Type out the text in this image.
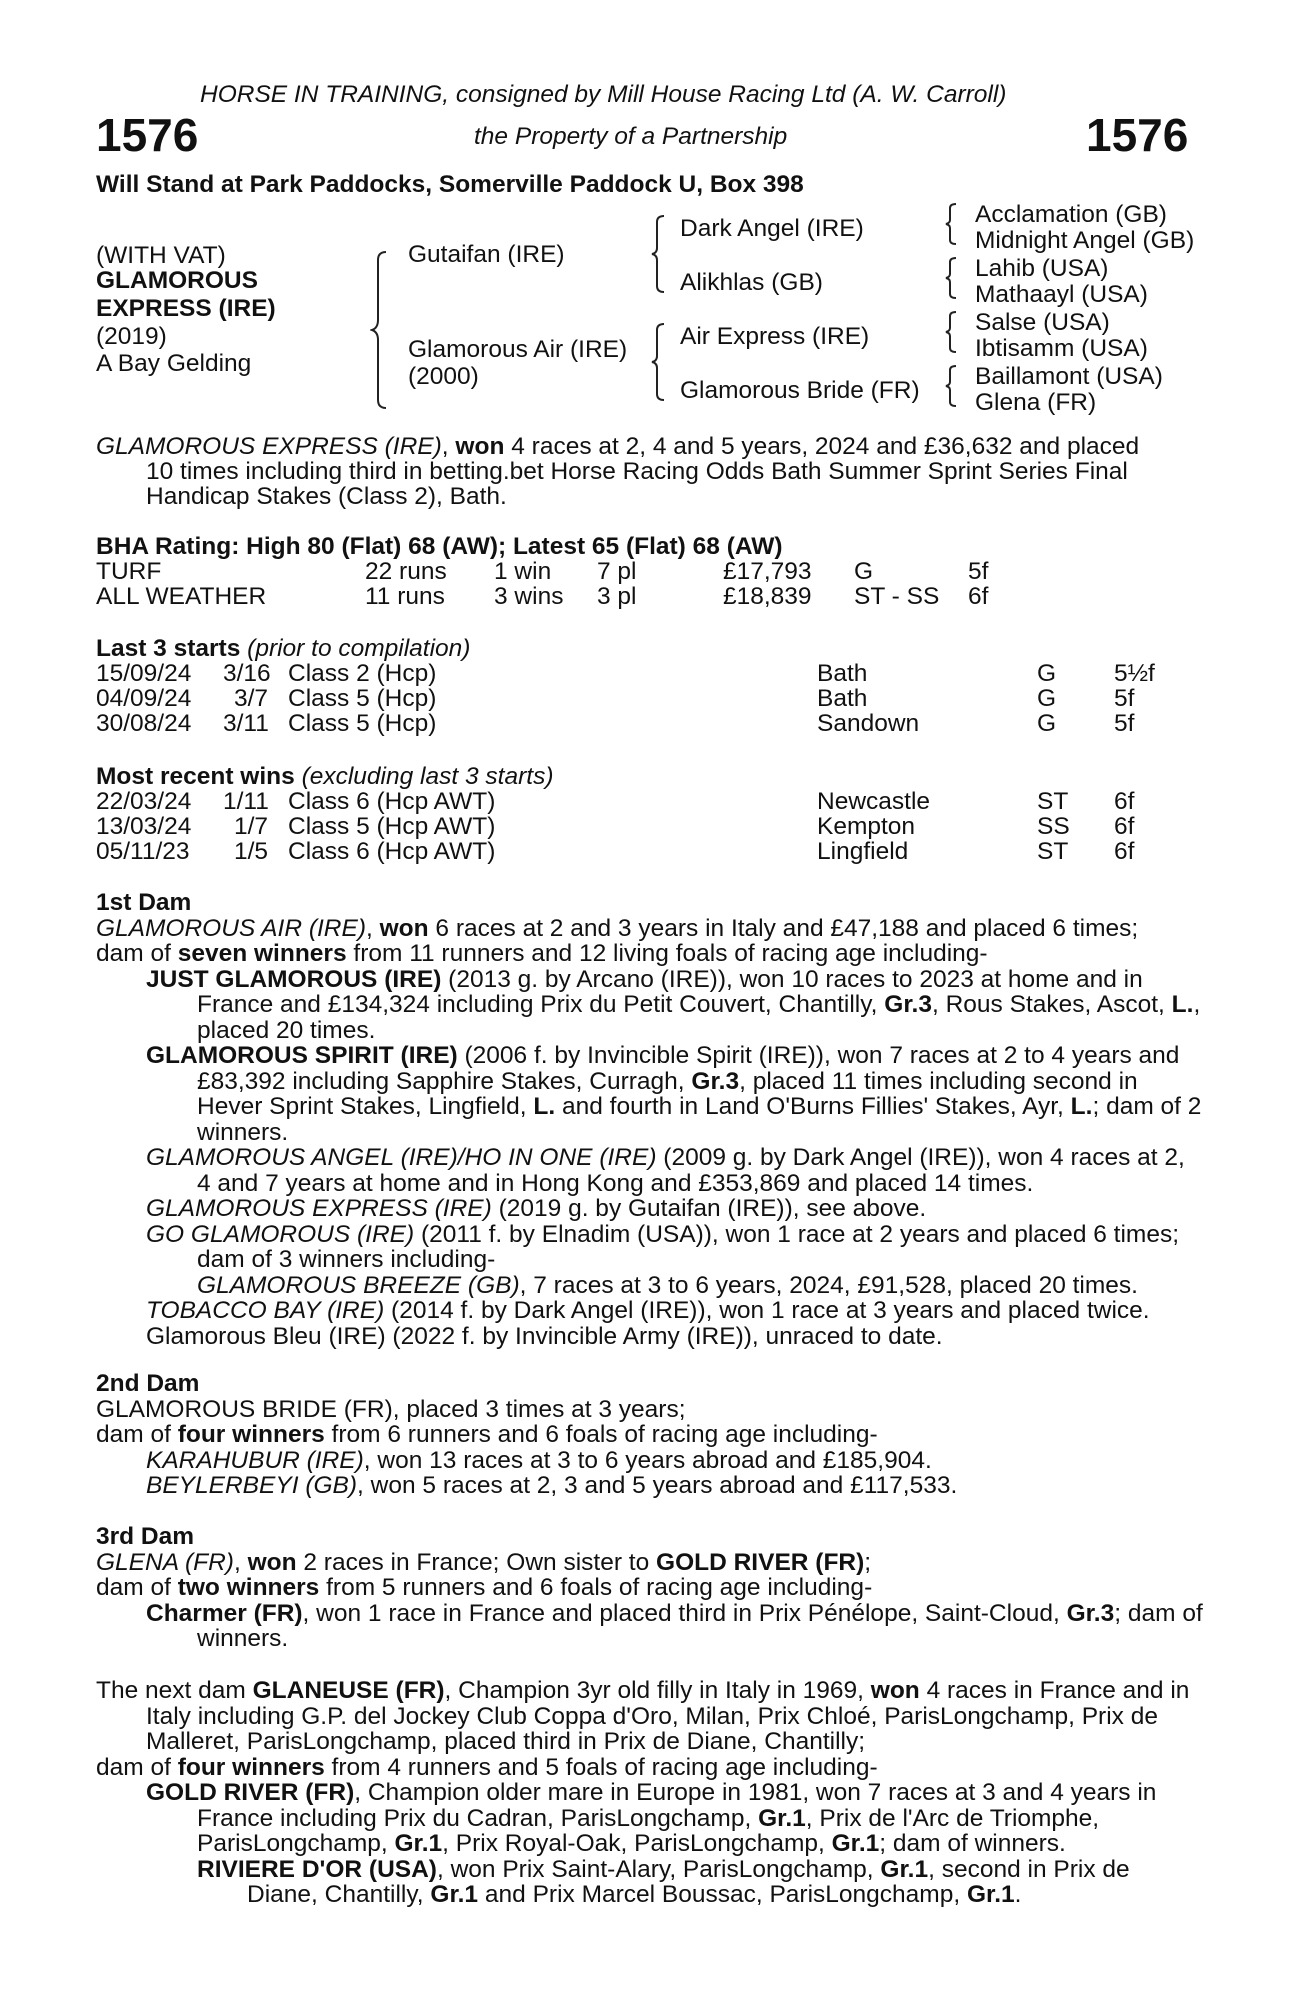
HORSE IN TRAINING, consigned by Mill House Racing Ltd (A. W. Carroll)
1576	the Property of a Partnership	1576
Will Stand at Park Paddocks, Somerville Paddock U, Box 398
(WITH VAT)
GLAMOROUS
EXPRESS (IRE)
(2019)
A Bay Gelding
Gutaifan (IRE)
Glamorous Air (IRE)
(2000)
Dark Angel (IRE)
Alikhlas (GB)
Air Express (IRE)
Glamorous Bride (FR)
Acclamation (GB)
Midnight Angel (GB)
Lahib (USA)
Mathaayl (USA)
Salse (USA)
Ibtisamm (USA)
Baillamont (USA)
Glena (FR)
GLAMOROUS EXPRESS (IRE), won 4 races at 2, 4 and 5 years, 2024 and £36,632 and placed
10 times including third in betting.bet Horse Racing Odds Bath Summer Sprint Series Final
Handicap Stakes (Class 2), Bath.
BHA Rating: High 80 (Flat) 68 (AW); Latest 65 (Flat) 68 (AW)
TURF	22 runs 1 win 7 pl	£17,793 G	5f
ALL WEATHER	11 runs 3 wins 3 pl	£18,839 ST - SS 6f
Last 3 starts (prior to compilation)
15/09/24 3/16 Class 2 (Hcp)	Bath	G 5½f
04/09/24 3/7 Class 5 (Hcp)	Bath	G 5f
30/08/24 3/11 Class 5 (Hcp)	Sandown	G 5f
Most recent wins (excluding last 3 starts)
22/03/24 1/11 Class 6 (Hcp AWT)	Newcastle	ST 6f
13/03/24 1/7 Class 5 (Hcp AWT)	Kempton	SS 6f
05/11/23 1/5 Class 6 (Hcp AWT)	Lingfield	ST 6f
1st Dam
GLAMOROUS AIR (IRE), won 6 races at 2 and 3 years in Italy and £47,188 and placed 6 times;
dam of seven winners from 11 runners and 12 living foals of racing age including-
JUST GLAMOROUS (IRE) (2013 g. by Arcano (IRE)), won 10 races to 2023 at home and in France and £134,324 including Prix du Petit Couvert, Chantilly, Gr.3, Rous Stakes, Ascot, L., placed 20 times.
GLAMOROUS SPIRIT (IRE) (2006 f. by Invincible Spirit (IRE)), won 7 races at 2 to 4 years and £83,392 including Sapphire Stakes, Curragh, Gr.3, placed 11 times including second in Hever Sprint Stakes, Lingfield, L. and fourth in Land O'Burns Fillies' Stakes, Ayr, L.; dam of 2 winners.
GLAMOROUS ANGEL (IRE)/HO IN ONE (IRE) (2009 g. by Dark Angel (IRE)), won 4 races at 2, 4 and 7 years at home and in Hong Kong and £353,869 and placed 14 times.
GLAMOROUS EXPRESS (IRE) (2019 g. by Gutaifan (IRE)), see above.
GO GLAMOROUS (IRE) (2011 f. by Elnadim (USA)), won 1 race at 2 years and placed 6 times; dam of 3 winners including-
GLAMOROUS BREEZE (GB), 7 races at 3 to 6 years, 2024, £91,528, placed 20 times.
TOBACCO BAY (IRE) (2014 f. by Dark Angel (IRE)), won 1 race at 3 years and placed twice.
Glamorous Bleu (IRE) (2022 f. by Invincible Army (IRE)), unraced to date.
2nd Dam
GLAMOROUS BRIDE (FR), placed 3 times at 3 years;
dam of four winners from 6 runners and 6 foals of racing age including-
KARAHUBUR (IRE), won 13 races at 3 to 6 years abroad and £185,904.
BEYLERBEYI (GB), won 5 races at 2, 3 and 5 years abroad and £117,533.
3rd Dam
GLENA (FR), won 2 races in France; Own sister to GOLD RIVER (FR);
dam of two winners from 5 runners and 6 foals of racing age including-
Charmer (FR), won 1 race in France and placed third in Prix Pénélope, Saint-Cloud, Gr.3; dam of winners.
The next dam GLANEUSE (FR), Champion 3yr old filly in Italy in 1969, won 4 races in France and in Italy including G.P. del Jockey Club Coppa d'Oro, Milan, Prix Chloé, ParisLongchamp, Prix de Malleret, ParisLongchamp, placed third in Prix de Diane, Chantilly;
dam of four winners from 4 runners and 5 foals of racing age including-
GOLD RIVER (FR), Champion older mare in Europe in 1981, won 7 races at 3 and 4 years in France including Prix du Cadran, ParisLongchamp, Gr.1, Prix de l'Arc de Triomphe, ParisLongchamp, Gr.1, Prix Royal-Oak, ParisLongchamp, Gr.1; dam of winners.
RIVIERE D'OR (USA), won Prix Saint-Alary, ParisLongchamp, Gr.1, second in Prix de Diane, Chantilly, Gr.1 and Prix Marcel Boussac, ParisLongchamp, Gr.1.
